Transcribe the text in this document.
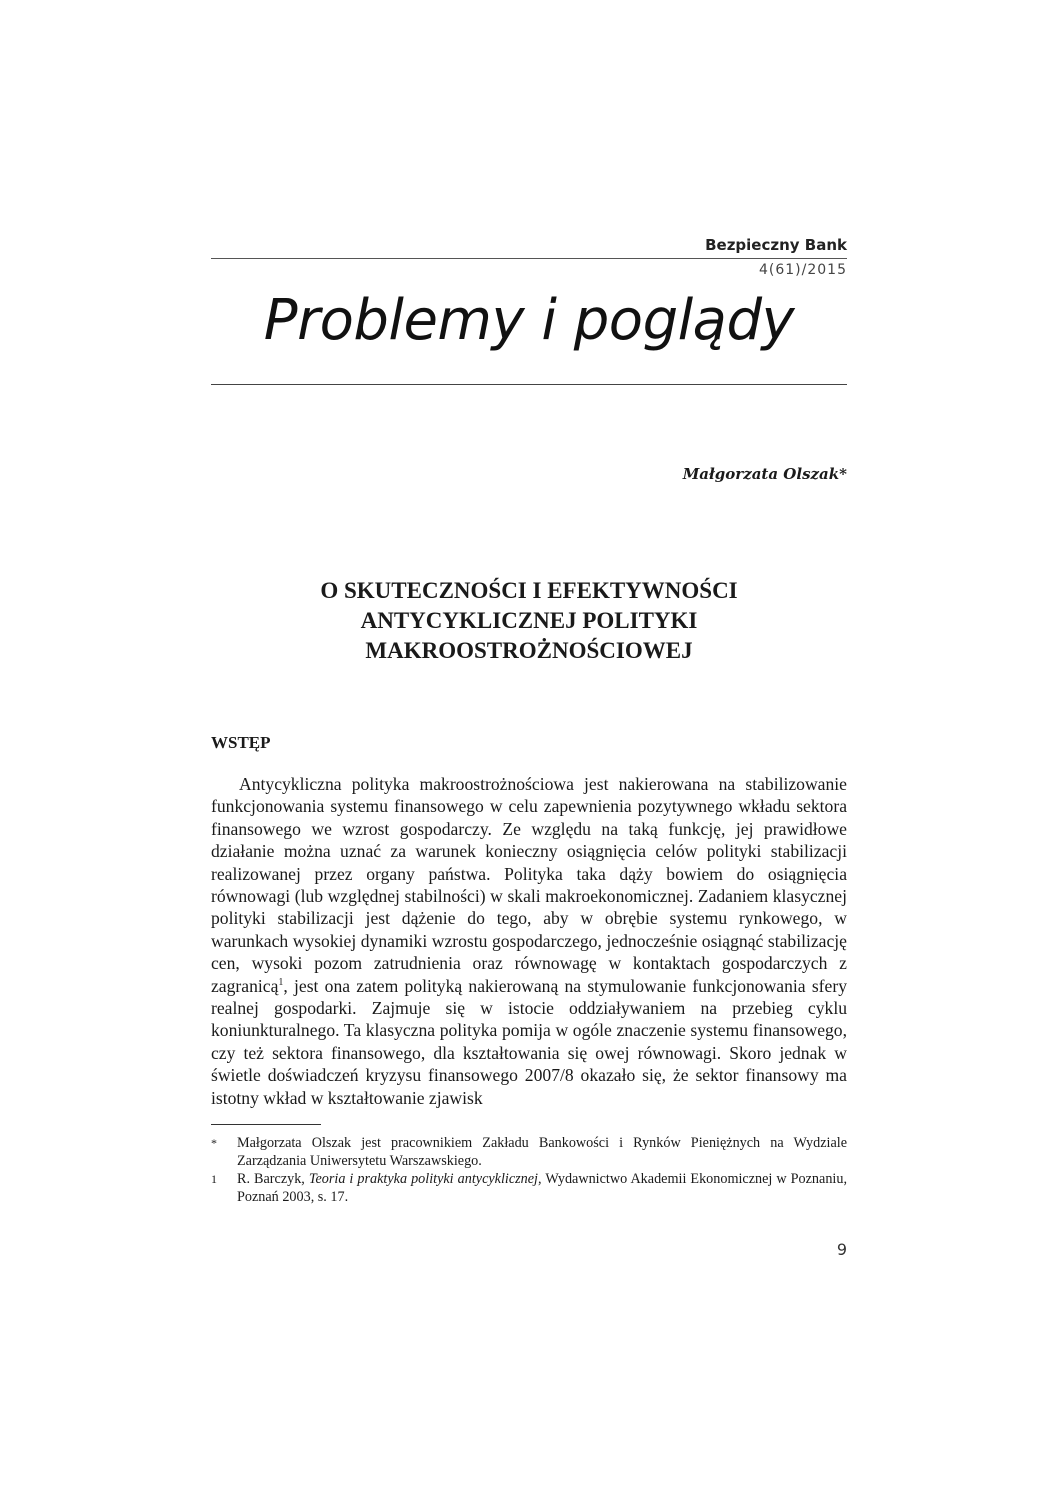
Bezpieczny Bank
4(61)/2015
Problemy i poglądy
Małgorzata Olszak*
O SKUTECZNOŚCI I EFEKTYWNOŚCI
ANTYCYKLICZNEJ POLITYKI
MAKROOSTROŻNOŚCIOWEJ
WSTĘP
Antycykliczna polityka makroostrożnościowa jest nakierowana na stabilizowanie funkcjonowania systemu finansowego w celu zapewnienia pozytywnego wkładu sektora finansowego we wzrost gospodarczy. Ze względu na taką funkcję, jej prawidłowe działanie można uznać za warunek konieczny osiągnięcia celów polityki stabilizacji realizowanej przez organy państwa. Polityka taka dąży bowiem do osiągnięcia równowagi (lub względnej stabilności) w skali makroekonomicznej. Zadaniem klasycznej polityki stabilizacji jest dążenie do tego, aby w obrębie systemu rynkowego, w warunkach wysokiej dynamiki wzrostu gospodarczego, jednocześnie osiągnąć stabilizację cen, wysoki pozom zatrudnienia oraz równowagę w kontaktach gospodarczych z zagranicą$^1$, jest ona zatem polityką nakierowaną na stymulowanie funkcjonowania sfery realnej gospodarki. Zajmuje się w istocie oddziaływaniem na przebieg cyklu koniunkturalnego. Ta klasyczna polityka pomija w ogóle znaczenie systemu finansowego, czy też sektora finansowego, dla kształtowania się owej równowagi. Skoro jednak w świetle doświadczeń kryzysu finansowego 2007/8 okazało się, że sektor finansowy ma istotny wkład w kształtowanie zjawisk
*	Małgorzata Olszak jest pracownikiem Zakładu Bankowości i Rynków Pieniężnych na Wydziale Zarządzania Uniwersytetu Warszawskiego.
1	R. Barczyk, Teoria i praktyka polityki antycyklicznej, Wydawnictwo Akademii Ekonomicznej w Poznaniu, Poznań 2003, s. 17.
9
